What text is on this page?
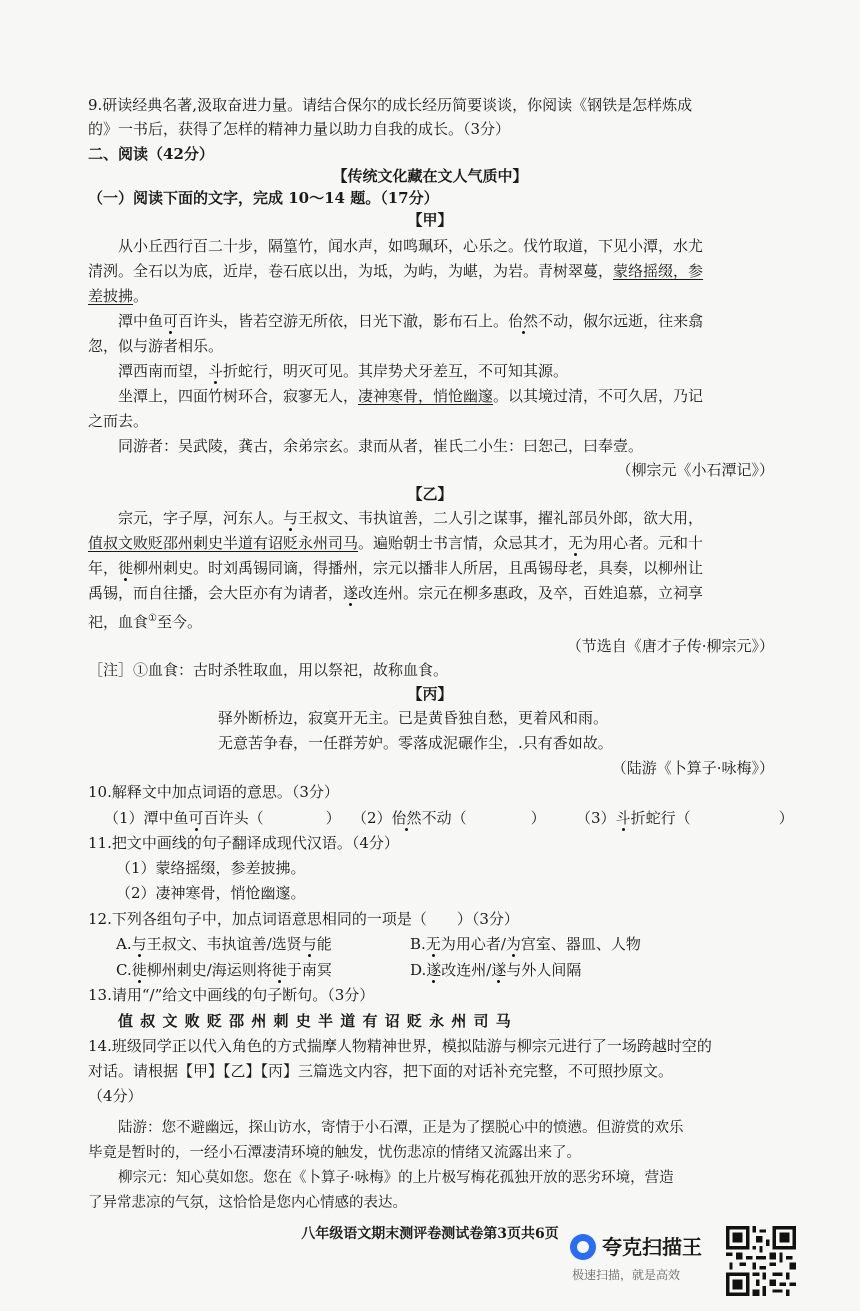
9.研读经典名著,汲取奋进力量。请结合保尔的成长经历简要谈谈，你阅读《钢铁是怎样炼成
的》一书后，获得了怎样的精神力量以助力自我的成长。（3分）
二、阅读（42分）
【传统文化藏在文人气质中】
（一）阅读下面的文字，完成 10～14 题。（17分）
【甲】
从小丘西行百二十步，隔篁竹，闻水声，如鸣珮环，心乐之。伐竹取道，下见小潭，水尤
清洌。全石以为底，近岸，卷石底以出，为坻，为屿，为嵁，为岩。青树翠蔓，蒙络摇缀，参
差披拂。
潭中鱼可百许头，皆若空游无所依，日光下澈，影布石上。佁然不动，俶尔远逝，往来翕
忽，似与游者相乐。
潭西南而望，斗折蛇行，明灭可见。其岸势犬牙差互，不可知其源。
坐潭上，四面竹树环合，寂寥无人，凄神寒骨，悄怆幽邃。以其境过清，不可久居，乃记
之而去。
同游者：吴武陵，龚古，余弟宗玄。隶而从者，崔氏二小生：曰恕己，曰奉壹。
（柳宗元《小石潭记》）
【乙】
宗元，字子厚，河东人。与王叔文、韦执谊善，二人引之谋事，擢礼部员外郎，欲大用，
值叔文败贬邵州刺史半道有诏贬永州司马。遍贻朝士书言情，众忌其才，无为用心者。元和十
年，徙柳州刺史。时刘禹锡同谪，得播州，宗元以播非人所居，且禹锡母老，具奏，以柳州让
禹锡，而自往播，会大臣亦有为请者，遂改连州。宗元在柳多惠政，及卒，百姓追慕，立祠享
祀，血食①至今。
（节选自《唐才子传·柳宗元》）
［注］①血食：古时杀牲取血，用以祭祀，故称血食。
【丙】
驿外断桥边，寂寞开无主。已是黄昏独自愁，更着风和雨。
无意苦争春，一任群芳妒。零落成泥碾作尘，.只有香如故。
（陆游《卜算子·咏梅》）
10.解释文中加点词语的意思。（3分）
（1）潭中鱼可百许头（	） （2）佁然不动（	） （3）斗折蛇行（	）
11.把文中画线的句子翻译成现代汉语。（4分）
（1）蒙络摇缀，参差披拂。
（2）凄神寒骨，悄怆幽邃。
12.下列各组句子中，加点词语意思相同的一项是（　　）（3分）
A.与王叔文、韦执谊善/选贤与能	B.无为用心者/为宫室、器皿、人物
C.徙柳州刺史/海运则将徙于南冥	D.遂改连州/遂与外人间隔
13.请用“/”给文中画线的句子断句。（3分）
值 叔 文 败 贬 邵 州 刺 史 半 道 有 诏 贬 永 州 司 马
14.班级同学正以代入角色的方式揣摩人物精神世界，模拟陆游与柳宗元进行了一场跨越时空的
对话。请根据【甲】【乙】【丙】三篇选文内容，把下面的对话补充完整，不可照抄原文。
（4分）
陆游：您不避幽远，探山访水，寄情于小石潭，正是为了摆脱心中的愤懑。但游赏的欢乐
毕竟是暂时的，一经小石潭凄清环境的触发，忧伤悲凉的情绪又流露出来了。
柳宗元：知心莫如您。您在《卜算子·咏梅》的上片极写梅花孤独开放的恶劣环境，营造
了异常悲凉的气氛，这恰恰是您内心情感的表达。
八年级语文期末测评卷测试卷第3页共6页
夸克扫描王
极速扫描，就是高效
